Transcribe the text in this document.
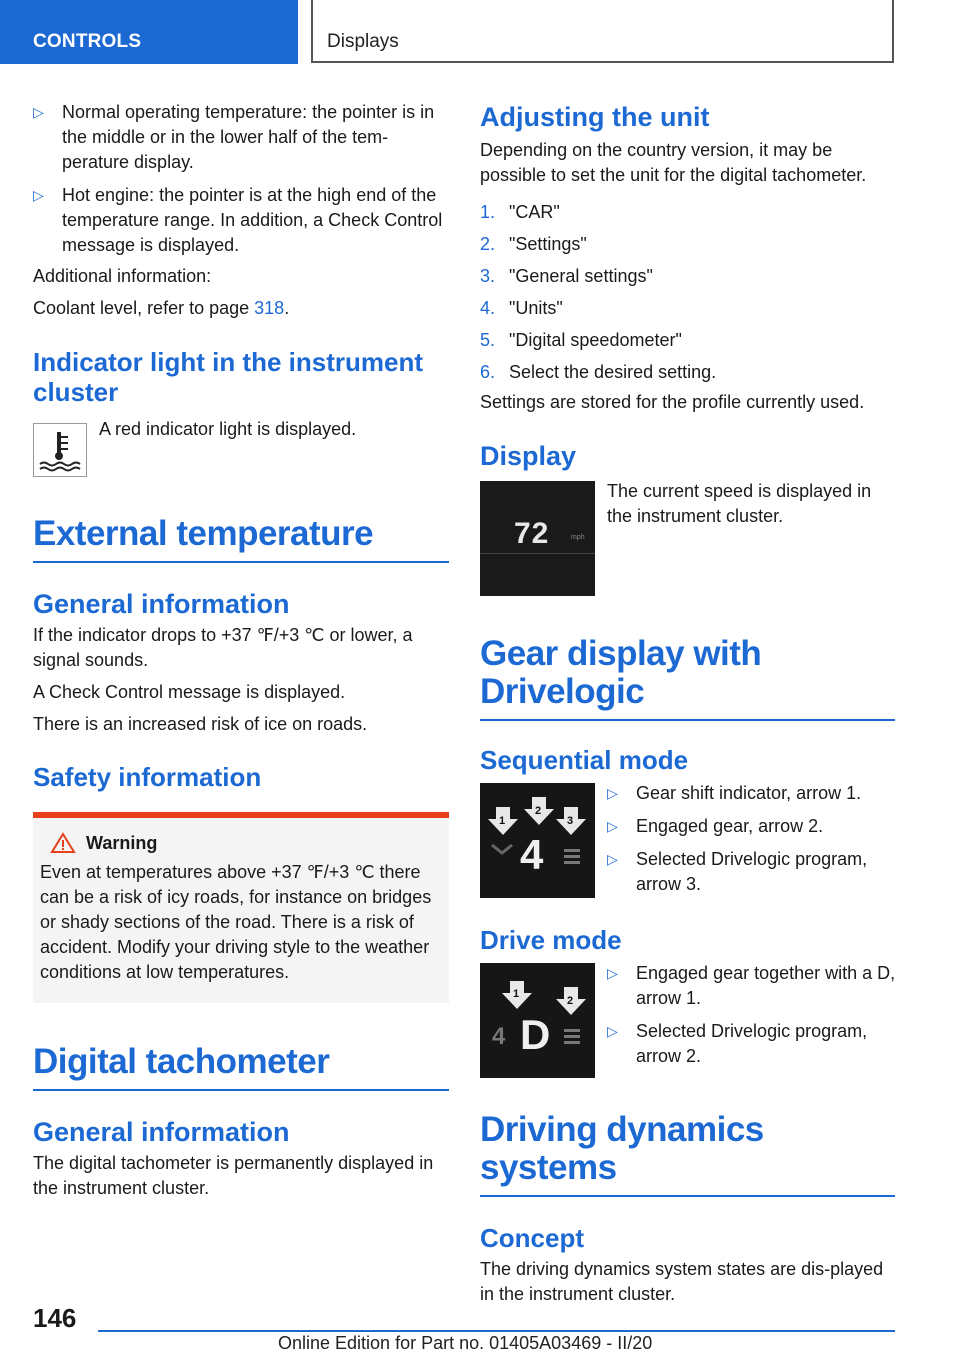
CONTROLS	Displays
▷ Normal operating temperature: the pointer is in the middle or in the lower half of the tem‐perature display.
▷ Hot engine: the pointer is at the high end of the temperature range. In addition, a Check Control message is displayed.

Additional information:

Coolant level, refer to page 318.

Indicator light in the instrument cluster

A red indicator light is displayed.

External temperature
General information

If the indicator drops to +37 ℉/+3 ℃ or lower, a signal sounds.

A Check Control message is displayed.

There is an increased risk of ice on roads.

Safety information
Warning

Even at temperatures above +37 ℉/+3 ℃ there can be a risk of icy roads, for instance on bridges or shady sections of the road. There is a risk of accident. Modify your driving style to the weather conditions at low temperatures.

Digital tachometer
General information

The digital tachometer is permanently displayed in the instrument cluster.

Adjusting the unit

Depending on the country version, it may be possible to set the unit for the digital tachometer.

1. "CAR"
2. "Settings"
3. "General settings"
4. "Units"
5. "Digital speedometer"
6. Select the desired setting.

Settings are stored for the profile currently used.

Display
72	mph

The current speed is displayed in the instrument cluster.

Gear display with Drivelogic
Sequential mode
1
2
3
4
▷ Gear shift indicator, arrow 1.
▷ Engaged gear, arrow 2.
▷ Selected Drivelogic program, arrow 3.
Drive mode
1
2
4 D
▷ Engaged gear together with a D, arrow 1.
▷ Selected Drivelogic program, arrow 2.
Driving dynamics systems
Concept

The driving dynamics system states are dis‐played in the instrument cluster.

146
Online Edition for Part no. 01405A03469 - II/20
